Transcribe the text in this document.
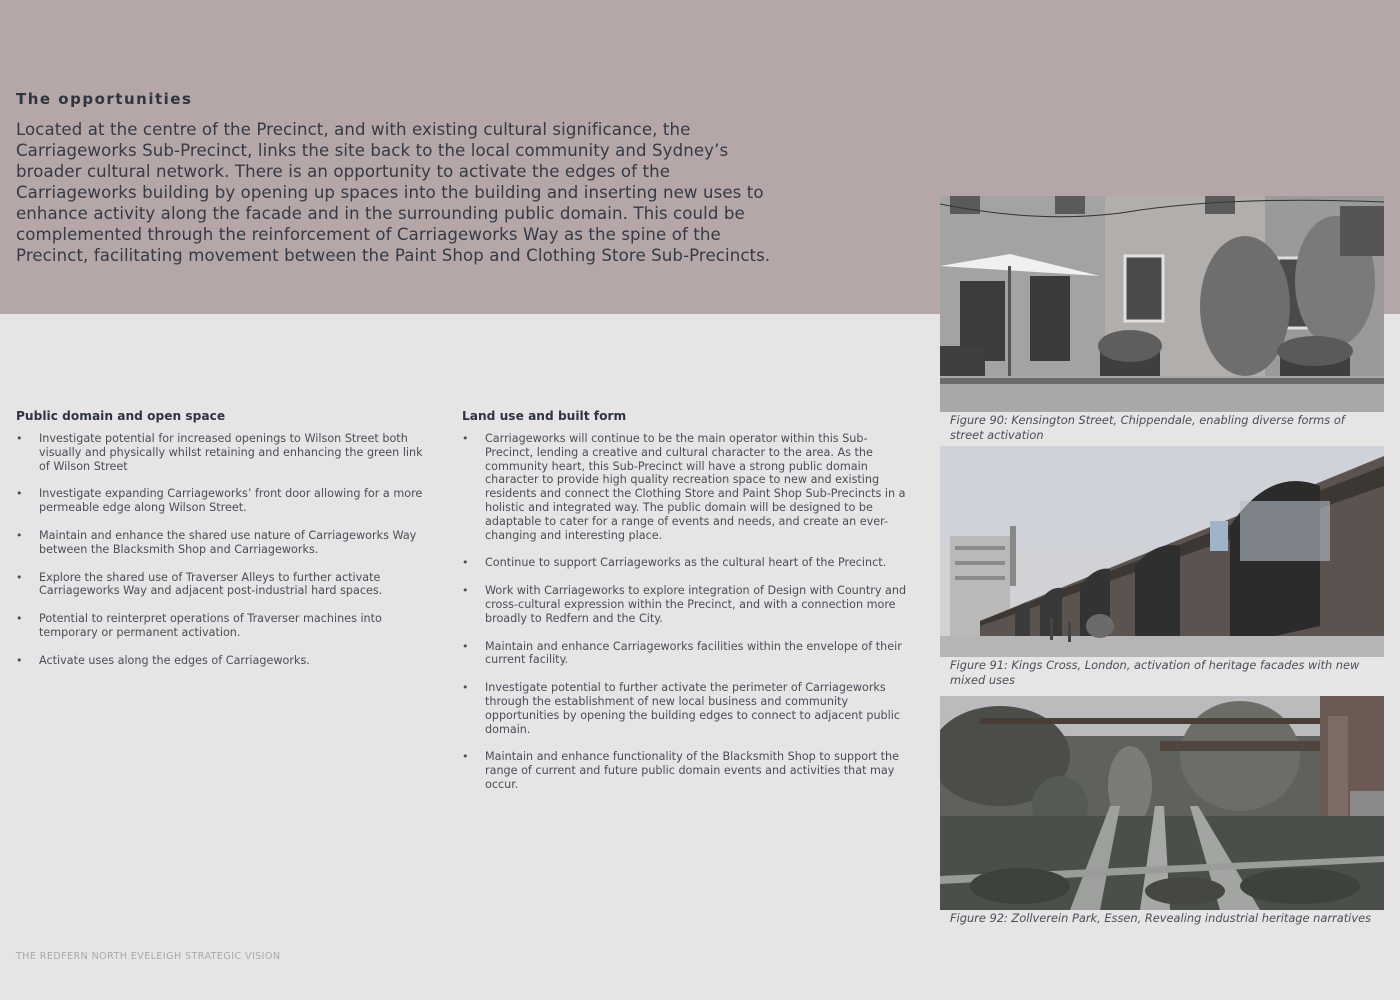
The opportunities

Located at the centre of the Precinct, and with existing cultural significance, the Carriageworks Sub-Precinct, links the site back to the local community and Sydney’s broader cultural network. There is an opportunity to activate the edges of the Carriageworks building by opening up spaces into the building and inserting new uses to enhance activity along the facade and in the surrounding public domain. This could be complemented through the reinforcement of Carriageworks Way as the spine of the Precinct, facilitating movement between the Paint Shop and Clothing Store Sub-Precincts.

Public domain and open space
• Investigate potential for increased openings to Wilson Street both visually and physically whilst retaining and enhancing the green link of Wilson Street
• Investigate expanding Carriageworks’ front door allowing for a more permeable edge along Wilson Street.
• Maintain and enhance the shared use nature of Carriageworks Way between the Blacksmith Shop and Carriageworks.
• Explore the shared use of Traverser Alleys to further activate Carriageworks Way and adjacent post-industrial hard spaces.
• Potential to reinterpret operations of Traverser machines into temporary or permanent activation.
• Activate uses along the edges of Carriageworks.
Land use and built form
• Carriageworks will continue to be the main operator within this Sub-Precinct, lending a creative and cultural character to the area. As the community heart, this Sub-Precinct will have a strong public domain character to provide high quality recreation space to new and existing residents and connect the Clothing Store and Paint Shop Sub-Precincts in a holistic and integrated way. The public domain will be designed to be adaptable to cater for a range of events and needs, and create an ever-changing and interesting place.
• Continue to support Carriageworks as the cultural heart of the Precinct.
• Work with Carriageworks to explore integration of Design with Country and cross-cultural expression within the Precinct, and with a connection more broadly to Redfern and the City.
• Maintain and enhance Carriageworks facilities within the envelope of their current facility.
• Investigate potential to further activate the perimeter of Carriageworks through the establishment of new local business and community opportunities by opening the building edges to connect to adjacent public domain.
• Maintain and enhance functionality of the Blacksmith Shop to support the range of current and future public domain events and activities that may occur.
Figure 90: Kensington Street, Chippendale, enabling diverse forms of street activation
Figure 91: Kings Cross, London, activation of heritage facades with new mixed uses
Figure 92: Zollverein Park, Essen, Revealing industrial heritage narratives

THE REDFERN NORTH EVELEIGH STRATEGIC VISION
